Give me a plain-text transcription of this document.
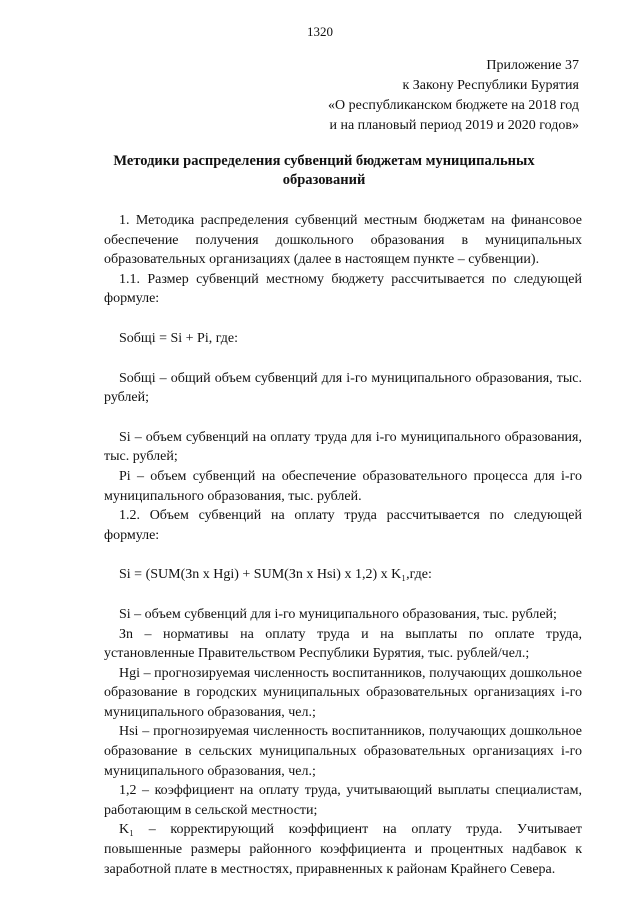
1320
Приложение 37
к Закону Республики Бурятия
«О республиканском бюджете на 2018 год
и на плановый период 2019 и 2020 годов»
Методики распределения субвенций бюджетам муниципальных образований

1. Методика распределения субвенций местным бюджетам на финансовое обеспечение получения дошкольного образования в муниципальных образовательных организациях (далее в настоящем пункте – субвенции).

1.1. Размер субвенций местному бюджету рассчитывается по следующей формуле:

Sобщi = Si + Pi, где:

Sобщi – общий объем субвенций для i-го муниципального образования, тыс. рублей;

Si – объем субвенций на оплату труда для i-го муниципального образования, тыс. рублей;

Pi – объем субвенций на обеспечение образовательного процесса для i-го муниципального образования, тыс. рублей.

1.2. Объем субвенций на оплату труда рассчитывается по следующей формуле:

Si = (SUM(Зn x Hgi) + SUM(Зn x Hsi) x 1,2) x K₁,где:

Si – объем субвенций для i-го муниципального образования, тыс. рублей;

Зn – нормативы на оплату труда и на выплаты по оплате труда, установленные Правительством Республики Бурятия, тыс. рублей/чел.;

Hgi – прогнозируемая численность воспитанников, получающих дошкольное образование в городских муниципальных образовательных организациях i-го муниципального образования, чел.;

Hsi – прогнозируемая численность воспитанников, получающих дошкольное образование в сельских муниципальных образовательных организациях i-го муниципального образования, чел.;

1,2 – коэффициент на оплату труда, учитывающий выплаты специалистам, работающим в сельской местности;

K₁ – корректирующий коэффициент на оплату труда. Учитывает повышенные размеры районного коэффициента и процентных надбавок к заработной плате в местностях, приравненных к районам Крайнего Севера.
